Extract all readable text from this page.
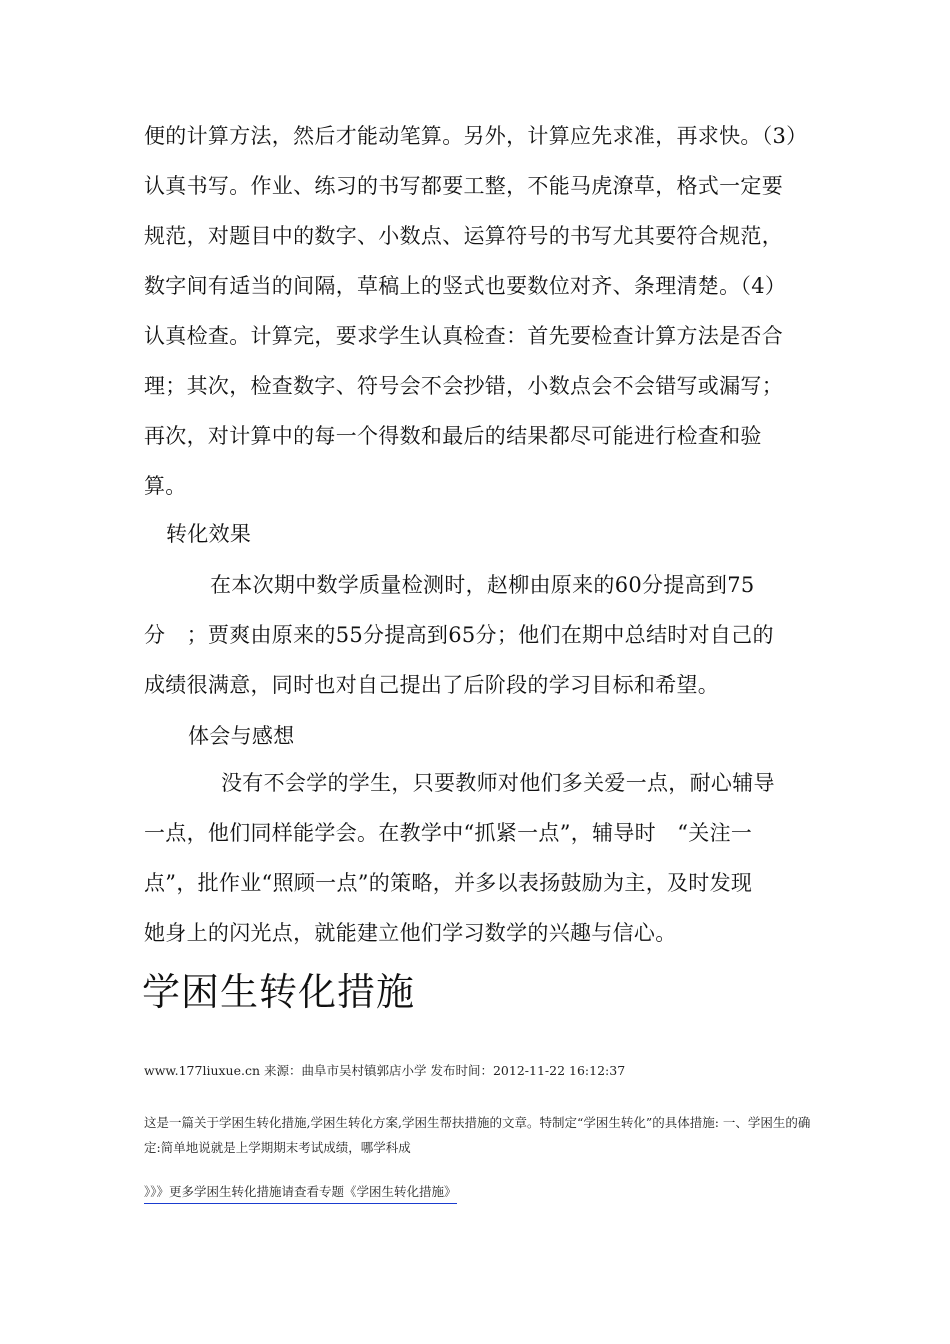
便的计算方法，然后才能动笔算。另外，计算应先求准，再求快。（3）
认真书写。作业、练习的书写都要工整，不能马虎潦草，格式一定要
规范，对题目中的数字、小数点、运算符号的书写尤其要符合规范，
数字间有适当的间隔，草稿上的竖式也要数位对齐、条理清楚。（4）
认真检查。计算完，要求学生认真检查：首先要检查计算方法是否合
理；其次，检查数字、符号会不会抄错，小数点会不会错写或漏写；
再次，对计算中的每一个得数和最后的结果都尽可能进行检查和验
算。
转化效果
在本次期中数学质量检测时，赵柳由原来的60分提高到75
分　；贾爽由原来的55分提高到65分；他们在期中总结时对自己的
成绩很满意，同时也对自己提出了后阶段的学习目标和希望。
体会与感想
没有不会学的学生，只要教师对他们多关爱一点，耐心辅导
一点，他们同样能学会。在教学中“抓紧一点”，辅导时　“关注一
点”，批作业“照顾一点”的策略，并多以表扬鼓励为主，及时发现
她身上的闪光点，就能建立他们学习数学的兴趣与信心。
学困生转化措施
www.177liuxue.cn 来源：曲阜市吴村镇郭店小学 发布时间：2012-11-22 16:12:37
这是一篇关于学困生转化措施,学困生转化方案,学困生帮扶措施的文章。特制定“学困生转化”的具体措施: 一、学困生的确定:简单地说就是上学期期末考试成绩，哪学科成
》》》更多学困生转化措施请查看专题《学困生转化措施》
